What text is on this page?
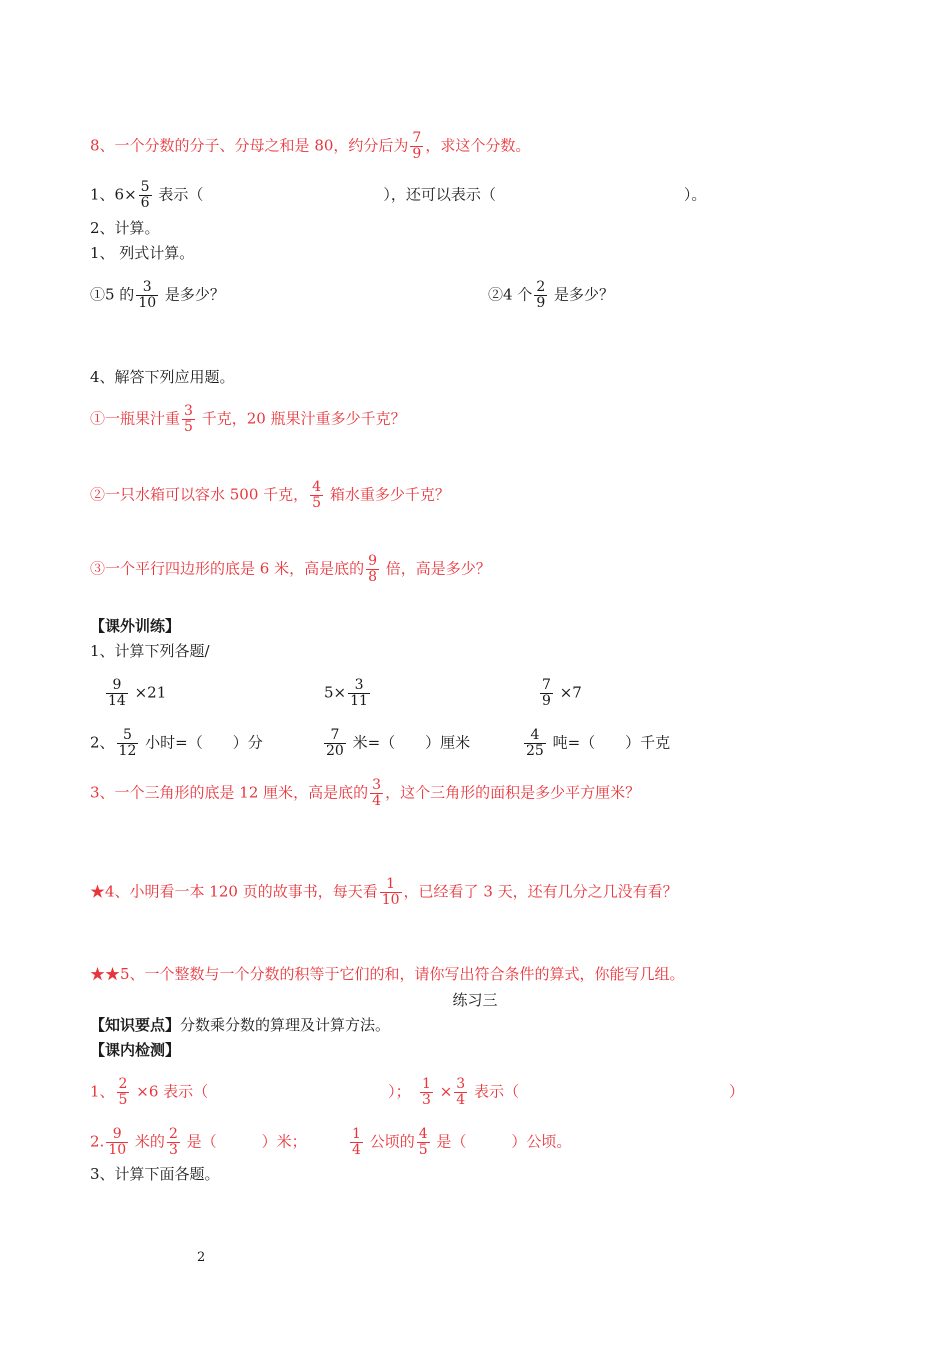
8、一个分数的分子、分母之和是 80，约分后为 $\frac{7}{9}$ ，求这个分数。
1、$6\times \frac{5}{6}$ 表示（	），还可以表示（	）。
2、计算。
1、 列式计算。
①5 的 $\frac{3}{10}$ 是多少？	②4 个 $\frac{2}{9}$ 是多少？
4、解答下列应用题。
①一瓶果汁重 $\frac{3}{5}$ 千克，20 瓶果汁重多少千克？
②一只水箱可以容水 500 千克， $\frac{4}{5}$ 箱水重多少千克？
③一个平行四边形的底是 6 米，高是底的 $\frac{9}{8}$ 倍，高是多少？
【课外训练】
1、计算下列各题/
$\frac{9}{14} \times 21$	$5\times \frac{3}{11}$	$\frac{7}{9} \times 7$
2、 $\frac{5}{12}$ 小时=（　　）分	$\frac{7}{20}$ 米=（　　）厘米	$\frac{4}{25}$ 吨=（　　）千克
3、一个三角形的底是 12 厘米，高是底的 $\frac{3}{4}$ ，这个三角形的面积是多少平方厘米？
★4、小明看一本 120 页的故事书，每天看 $\frac{1}{10}$ ，已经看了 3 天，还有几分之几没有看？
★★5、一个整数与一个分数的积等于它们的和，请你写出符合条件的算式，你能写几组。
练习三
【知识要点】分数乘分数的算理及计算方法。
【课内检测】
1、 $\frac{2}{5} \times 6$ 表示（	）； $\frac{1}{3} \times \frac{3}{4}$ 表示（	）
2. $\frac{9}{10}$ 米的 $\frac{2}{3}$ 是（　　　）米；	$\frac{1}{4}$ 公顷的 $\frac{4}{5}$ 是（　　　）公顷。
3、计算下面各题。
2
